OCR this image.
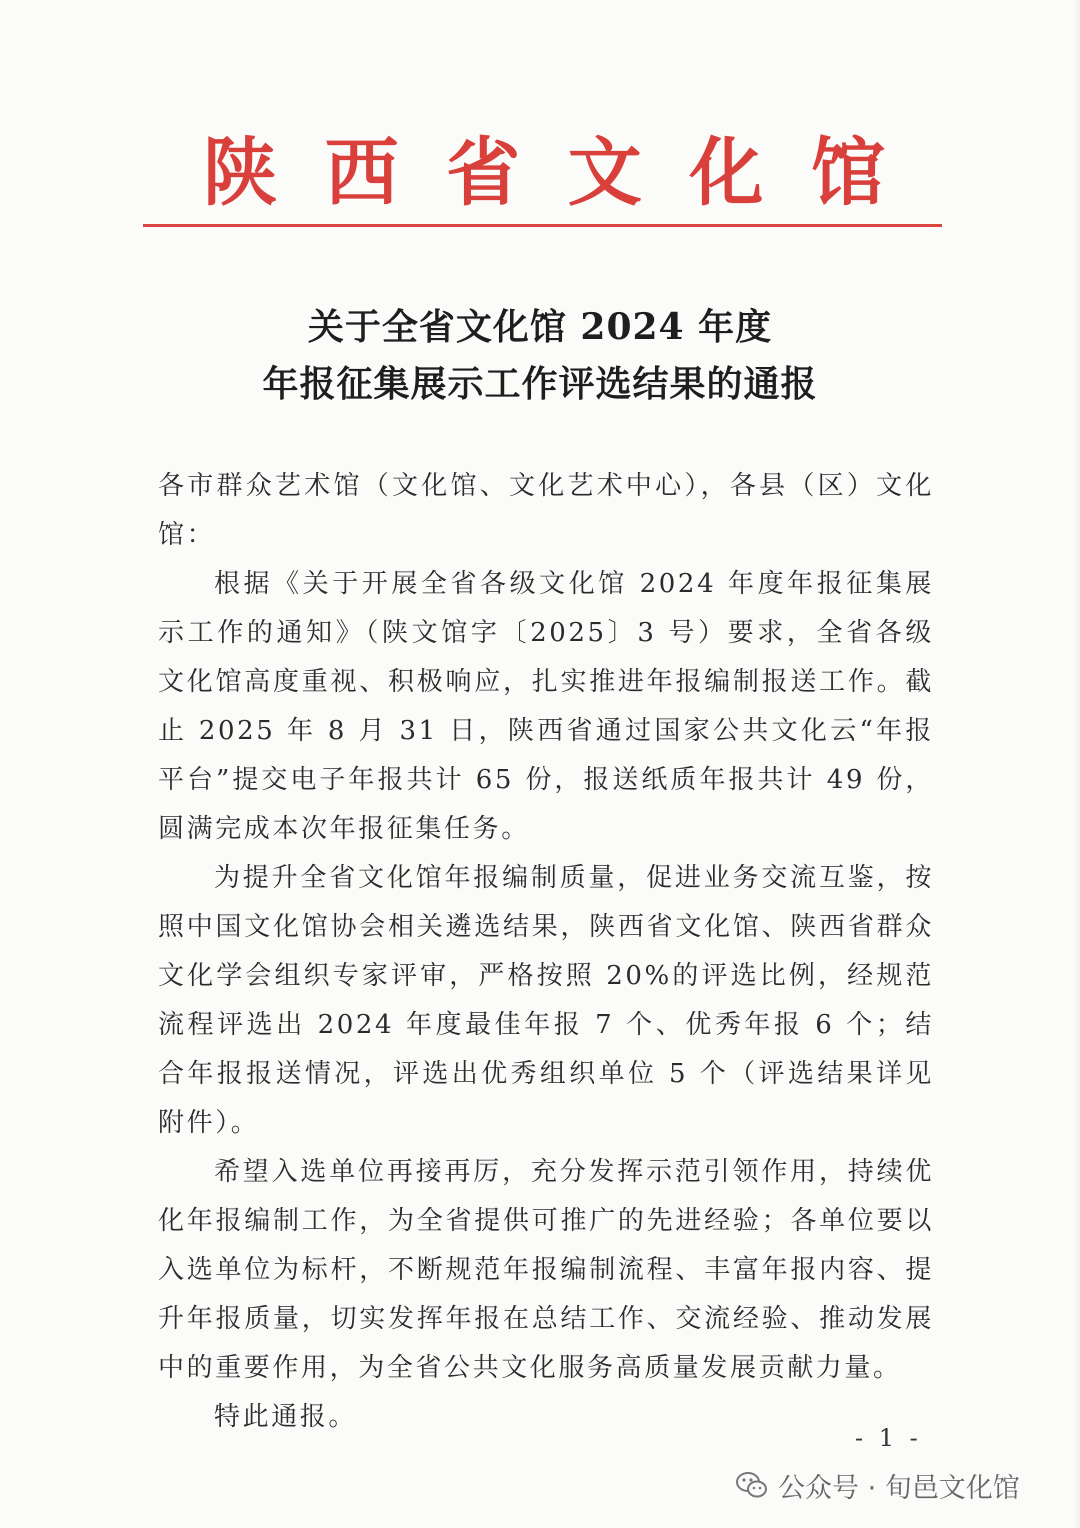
陕 西 省 文 化 馆
关于全省文化馆 2024 年度
年报征集展示工作评选结果的通报

各市群众艺术馆（文化馆、文化艺术中心），各县（区）文化馆：

根据《关于开展全省各级文化馆 2024 年度年报征集展示工作的通知》（陕文馆字〔2025〕3 号）要求，全省各级文化馆高度重视、积极响应，扎实推进年报编制报送工作。截止 2025 年 8 月 31 日，陕西省通过国家公共文化云“年报平台”提交电子年报共计 65 份，报送纸质年报共计 49 份，圆满完成本次年报征集任务。

为提升全省文化馆年报编制质量，促进业务交流互鉴，按照中国文化馆协会相关遴选结果，陕西省文化馆、陕西省群众文化学会组织专家评审，严格按照 20%的评选比例，经规范流程评选出 2024 年度最佳年报 7 个、优秀年报 6 个；结合年报报送情况，评选出优秀组织单位 5 个（评选结果详见附件）。

希望入选单位再接再厉，充分发挥示范引领作用，持续优化年报编制工作，为全省提供可推广的先进经验；各单位要以入选单位为标杆，不断规范年报编制流程、丰富年报内容、提升年报质量，切实发挥年报在总结工作、交流经验、推动发展中的重要作用，为全省公共文化服务高质量发展贡献力量。

特此通报。

- 1 -
公众号 · 旬邑文化馆
